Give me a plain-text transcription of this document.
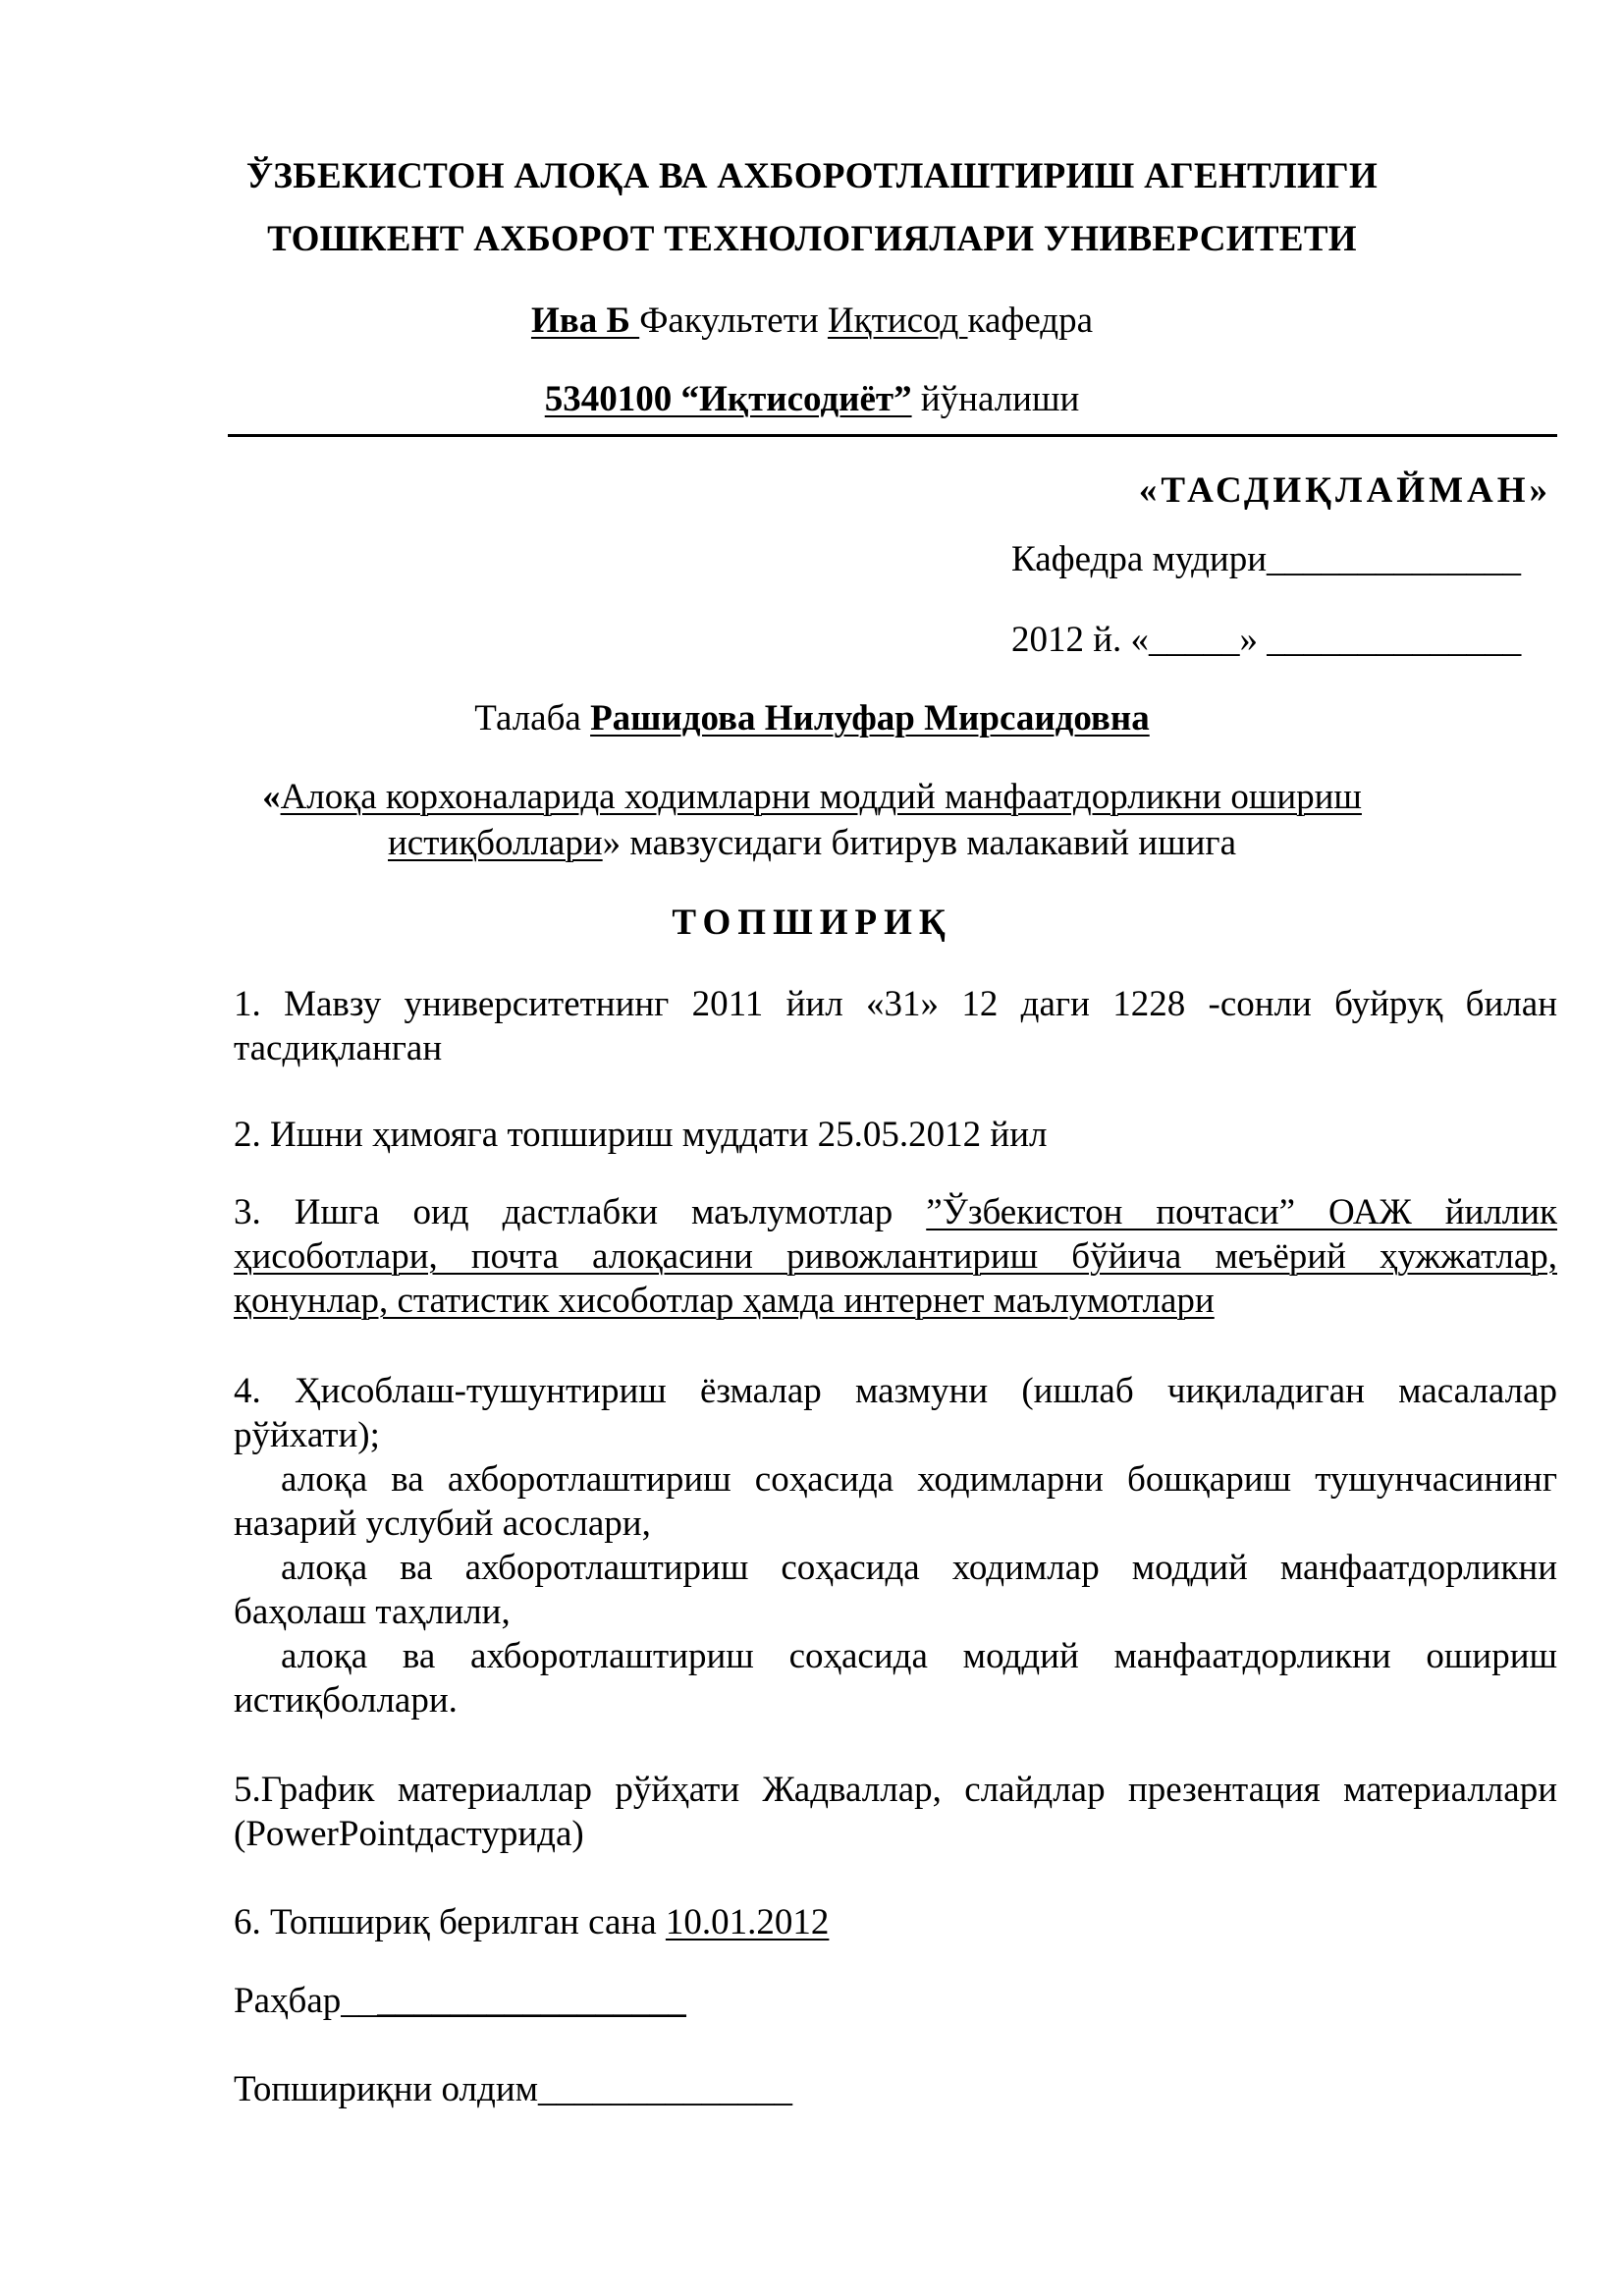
ЎЗБЕКИСТОН АЛОҚА ВА АХБОРОТЛАШТИРИШ АГЕНТЛИГИ
ТОШКЕНТ АХБОРОТ ТЕХНОЛОГИЯЛАРИ УНИВЕРСИТЕТИ
Ива Б Факультети Иқтисод кафедра
5340100 “Иқтисодиёт” йўналиши
«ТАСДИҚЛАЙМАН»
Кафедра мудири______________
2012 й. «_____» ______________
Талаба Рашидова Нилуфар Мирсаидовна
«Алоқа корхоналарида ходимларни моддий манфаатдорликни ошириш
истиқболлари» мавзусидаги битирув малакавий ишига
ТОПШИРИҚ
1. Мавзу университетнинг 2011 йил «31» 12 даги 1228 -сонли буйруқ билан тасдиқланган
2. Ишни ҳимояга топшириш муддати 25.05.2012 йил
3. Ишга оид дастлабки маълумотлар ”Ўзбекистон почтаси” ОАЖ йиллик ҳисоботлари, почта алоқасини ривожлантириш бўйича меъёрий ҳужжатлар, қонунлар, статистик хисоботлар ҳамда интернет маълумотлари
4. Ҳисоблаш-тушунтириш ёзмалар мазмуни (ишлаб чиқиладиган масалалар рўйхати);
алоқа ва ахборотлаштириш соҳасида ходимларни бошқариш тушунчасининг назарий услубий асослари,
алоқа ва ахборотлаштириш соҳасида ходимлар моддий манфаатдорликни баҳолаш таҳлили,
алоқа ва ахборотлаштириш соҳасида моддий манфаатдорликни ошириш истиқболлари.
5.График материаллар рўйҳати Жадваллар, слайдлар презентация материаллари (PowerPointдастурида)
6. Топшириқ берилган сана 10.01.2012
Раҳбар___________________
Топшириқни олдим______________
